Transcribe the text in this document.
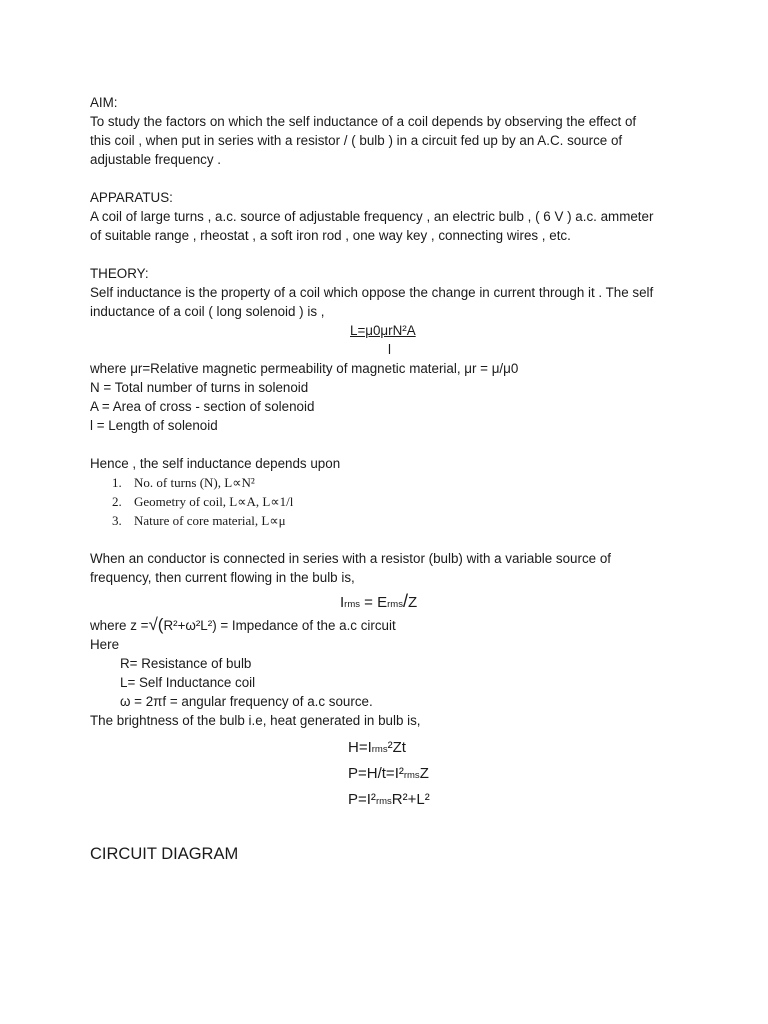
AIM:
To study the factors on which the self inductance of a coil depends by observing the effect of
this coil , when put in series with a resistor / ( bulb ) in a circuit fed up by an A.C. source of
adjustable frequency .
APPARATUS:
A coil of large turns , a.c. source of adjustable frequency , an electric bulb , ( 6 V ) a.c. ammeter
of suitable range , rheostat , a soft iron rod , one way key , connecting wires , etc.
THEORY:
Self inductance is the property of a coil which oppose the change in current through it . The self
inductance of a coil ( long solenoid ) is ,
L=μ0μrN²A
l
where μr=Relative magnetic permeability of magnetic material, μr = μ/μ0
N = Total number of turns in solenoid
A = Area of cross - section of solenoid
l = Length of solenoid
Hence , the self inductance depends upon
1. No. of turns (N), L∝N²
2. Geometry of coil, L∝A, L∝1/l
3. Nature of core material, L∝μ
When an conductor is connected in series with a resistor (bulb) with a variable source of
frequency, then current flowing in the bulb is,
Irms = Erms/Z
where z =√(R²+ω²L²) = Impedance of the a.c circuit
Here
R= Resistance of bulb
L= Self Inductance coil
ω = 2πf = angular frequency of a.c source.
The brightness of the bulb i.e, heat generated in bulb is,
H=Irms²Zt
P=H/t=I²rmsZ
P=I²rmsR²+L²
CIRCUIT DIAGRAM
